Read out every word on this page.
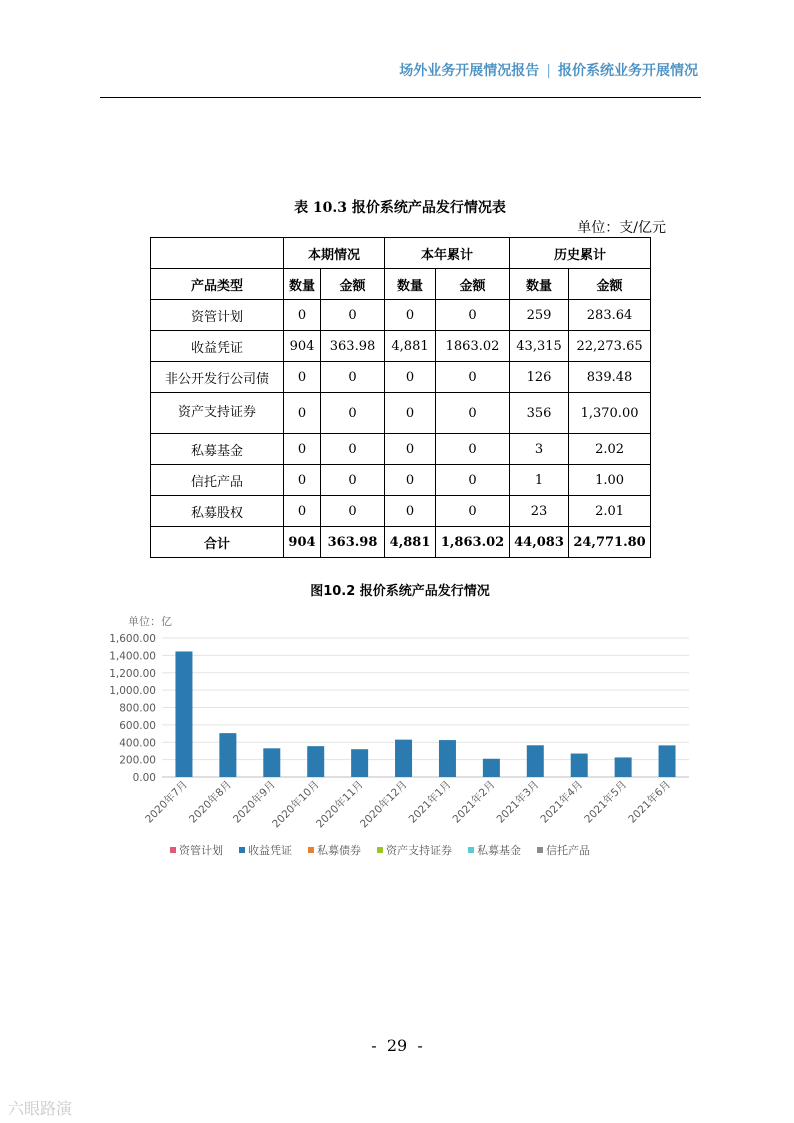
场外业务开展情况报告 | 报价系统业务开展情况
表 10.3 报价系统产品发行情况表
单位：支/亿元
	本期情况		本年累计		历史累计	
产品类型	数量	金额	数量	金额	数量	金额
资管计划	0	0	0	0	259	283.64
收益凭证	904	363.98	4,881	1863.02	43,315	22,273.65
非公开发行公司债	0	0	0	0	126	839.48
资产支持证券	0	0	0	0	356	1,370.00
私募基金	0	0	0	0	3	2.02
信托产品	0	0	0	0	1	1.00
私募股权	0	0	0	0	23	2.01
合计	904	363.98	4,881	1,863.02	44,083	24,771.80
图10.2 报价系统产品发行情况
单位：亿
1,600.00
1,400.00
1,200.00
1,000.00
800.00
600.00
400.00
200.00
0.00
2020年7月
2020年8月
2020年9月
2020年10月
2020年11月
2020年12月
2021年1月
2021年2月
2021年3月
2021年4月
2021年5月
2021年6月
资管计划 收益凭证 私募债券 资产支持证券 私募基金 信托产品
-  29  -
六眼路演
